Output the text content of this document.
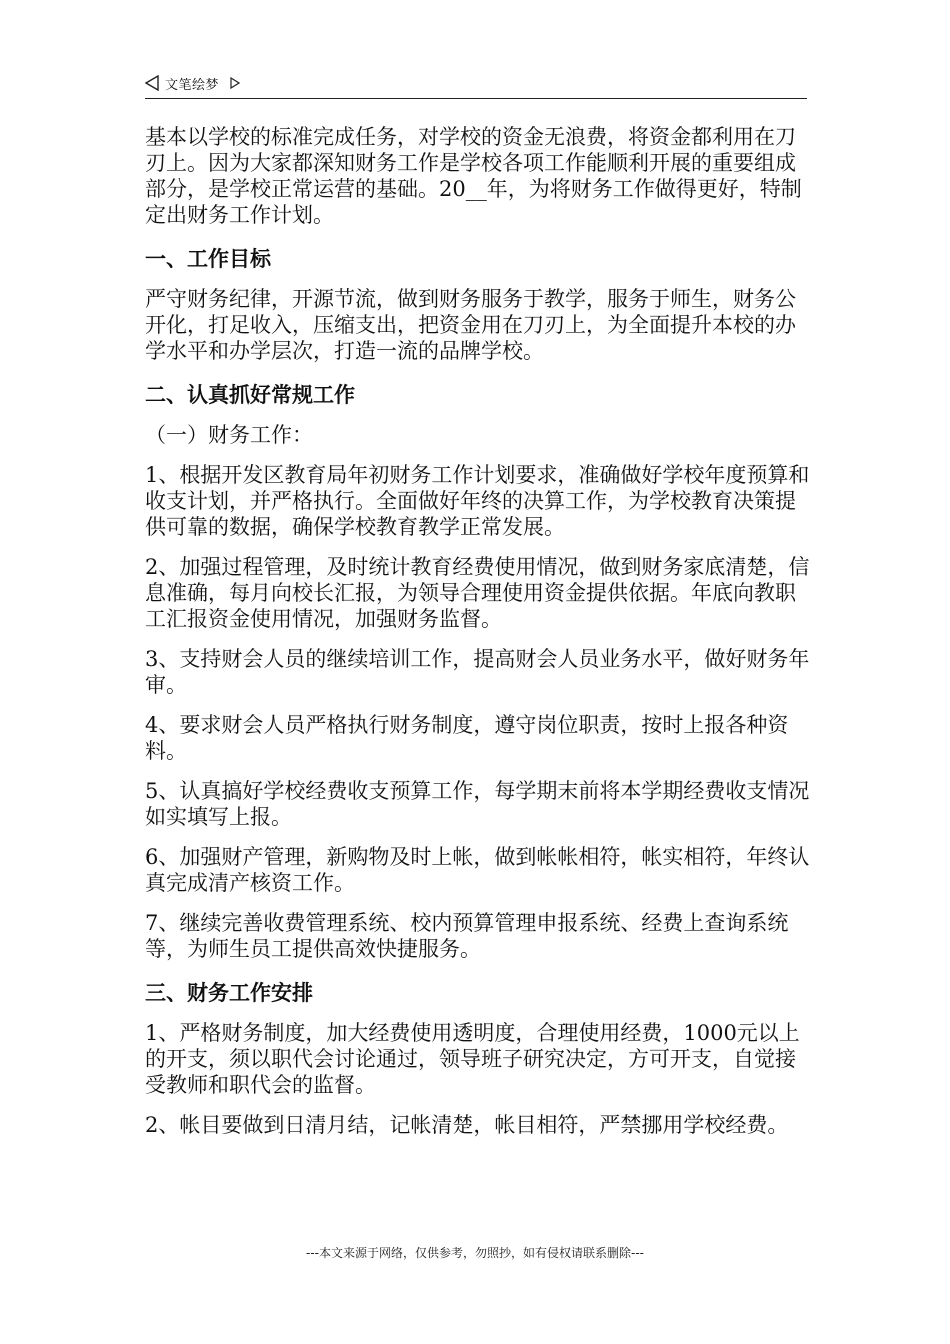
文笔绘梦

基本以学校的标准完成任务，对学校的资金无浪费，将资金都利用在刀刃上。因为大家都深知财务工作是学校各项工作能顺利开展的重要组成部分，是学校正常运营的基础。20__年，为将财务工作做得更好，特制定出财务工作计划。

一、工作目标

严守财务纪律，开源节流，做到财务服务于教学，服务于师生，财务公开化，打足收入，压缩支出，把资金用在刀刃上，为全面提升本校的办学水平和办学层次，打造一流的品牌学校。

二、认真抓好常规工作

（一）财务工作：

1、根据开发区教育局年初财务工作计划要求，准确做好学校年度预算和收支计划，并严格执行。全面做好年终的决算工作，为学校教育决策提供可靠的数据，确保学校教育教学正常发展。

2、加强过程管理，及时统计教育经费使用情况，做到财务家底清楚，信息准确，每月向校长汇报，为领导合理使用资金提供依据。年底向教职工汇报资金使用情况，加强财务监督。

3、支持财会人员的继续培训工作，提高财会人员业务水平，做好财务年审。

4、要求财会人员严格执行财务制度，遵守岗位职责，按时上报各种资料。

5、认真搞好学校经费收支预算工作，每学期末前将本学期经费收支情况如实填写上报。

6、加强财产管理，新购物及时上帐，做到帐帐相符，帐实相符，年终认真完成清产核资工作。

7、继续完善收费管理系统、校内预算管理申报系统、经费上查询系统等，为师生员工提供高效快捷服务。

三、财务工作安排

1、严格财务制度，加大经费使用透明度，合理使用经费，1000元以上的开支，须以职代会讨论通过，领导班子研究决定，方可开支，自觉接受教师和职代会的监督。

2、帐目要做到日清月结，记帐清楚，帐目相符，严禁挪用学校经费。

---本文来源于网络，仅供参考，勿照抄，如有侵权请联系删除---
